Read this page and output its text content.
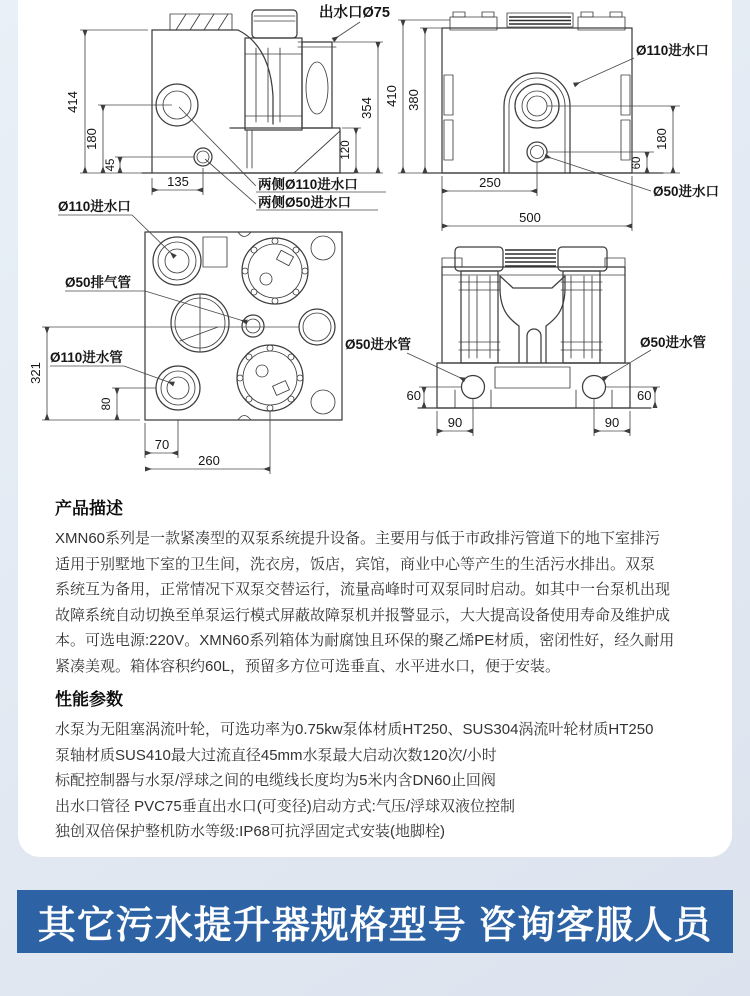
414
180
45
135
354
120
出水口Ø75
两侧Ø110进水口
两侧Ø50进水口
410 380
250
500
180
60
Ø110进水口
Ø50进水口
Ø110进水口
Ø50排气管
Ø110进水管
321
80
70
260
Ø50进水管	Ø50进水管
60
90	90
60
产品描述
XMN60系列是一款紧凑型的双泵系统提升设备。主要用与低于市政排污管道下的地下室排污
适用于别墅地下室的卫生间，洗衣房，饭店，宾馆，商业中心等产生的生活污水排出。双泵
系统互为备用，正常情况下双泵交替运行，流量高峰时可双泵同时启动。如其中一台泵机出现
故障系统自动切换至单泵运行模式屏蔽故障泵机并报警显示，大大提高设备使用寿命及维护成
本。可选电源:220V。XMN60系列箱体为耐腐蚀且环保的聚乙烯PE材质，密闭性好，经久耐用
紧凑美观。箱体容积约60L，预留多方位可选垂直、水平进水口，便于安装。
性能参数
水泵为无阻塞涡流叶轮，可选功率为0.75kw泵体材质HT250、SUS304涡流叶轮材质HT250
泵轴材质SUS410最大过流直径45mm水泵最大启动次数120次/小时
标配控制器与水泵/浮球之间的电缆线长度均为5米内含DN60止回阀
出水口管径 PVC75垂直出水口(可变径)启动方式:气压/浮球双液位控制
独创双倍保护整机防水等级:IP68可抗浮固定式安装(地脚栓)
其它污水提升器规格型号 咨询客服人员
